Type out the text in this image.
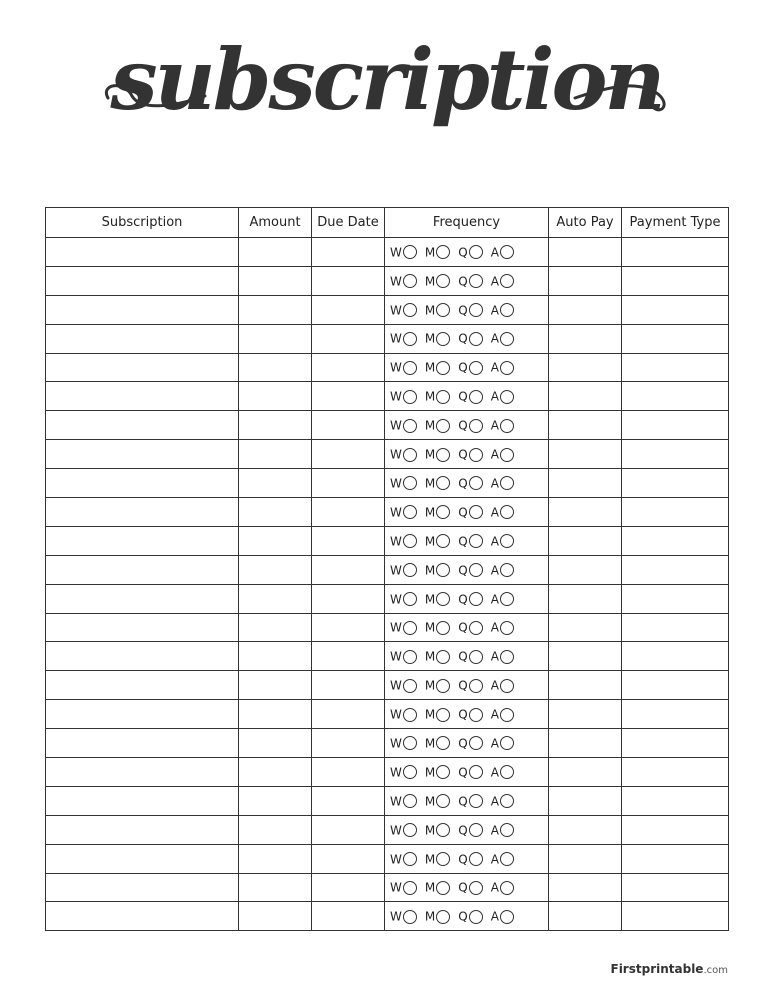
subscription
Subscription	Amount	Due Date	Frequency	Auto Pay	Payment Type
			W M Q A		
			W M Q A		
			W M Q A		
			W M Q A		
			W M Q A		
			W M Q A		
			W M Q A		
			W M Q A		
			W M Q A		
			W M Q A		
			W M Q A		
			W M Q A		
			W M Q A		
			W M Q A		
			W M Q A		
			W M Q A		
			W M Q A		
			W M Q A		
			W M Q A		
			W M Q A		
			W M Q A		
			W M Q A		
			W M Q A		
			W M Q A		
Firstprintable.com
